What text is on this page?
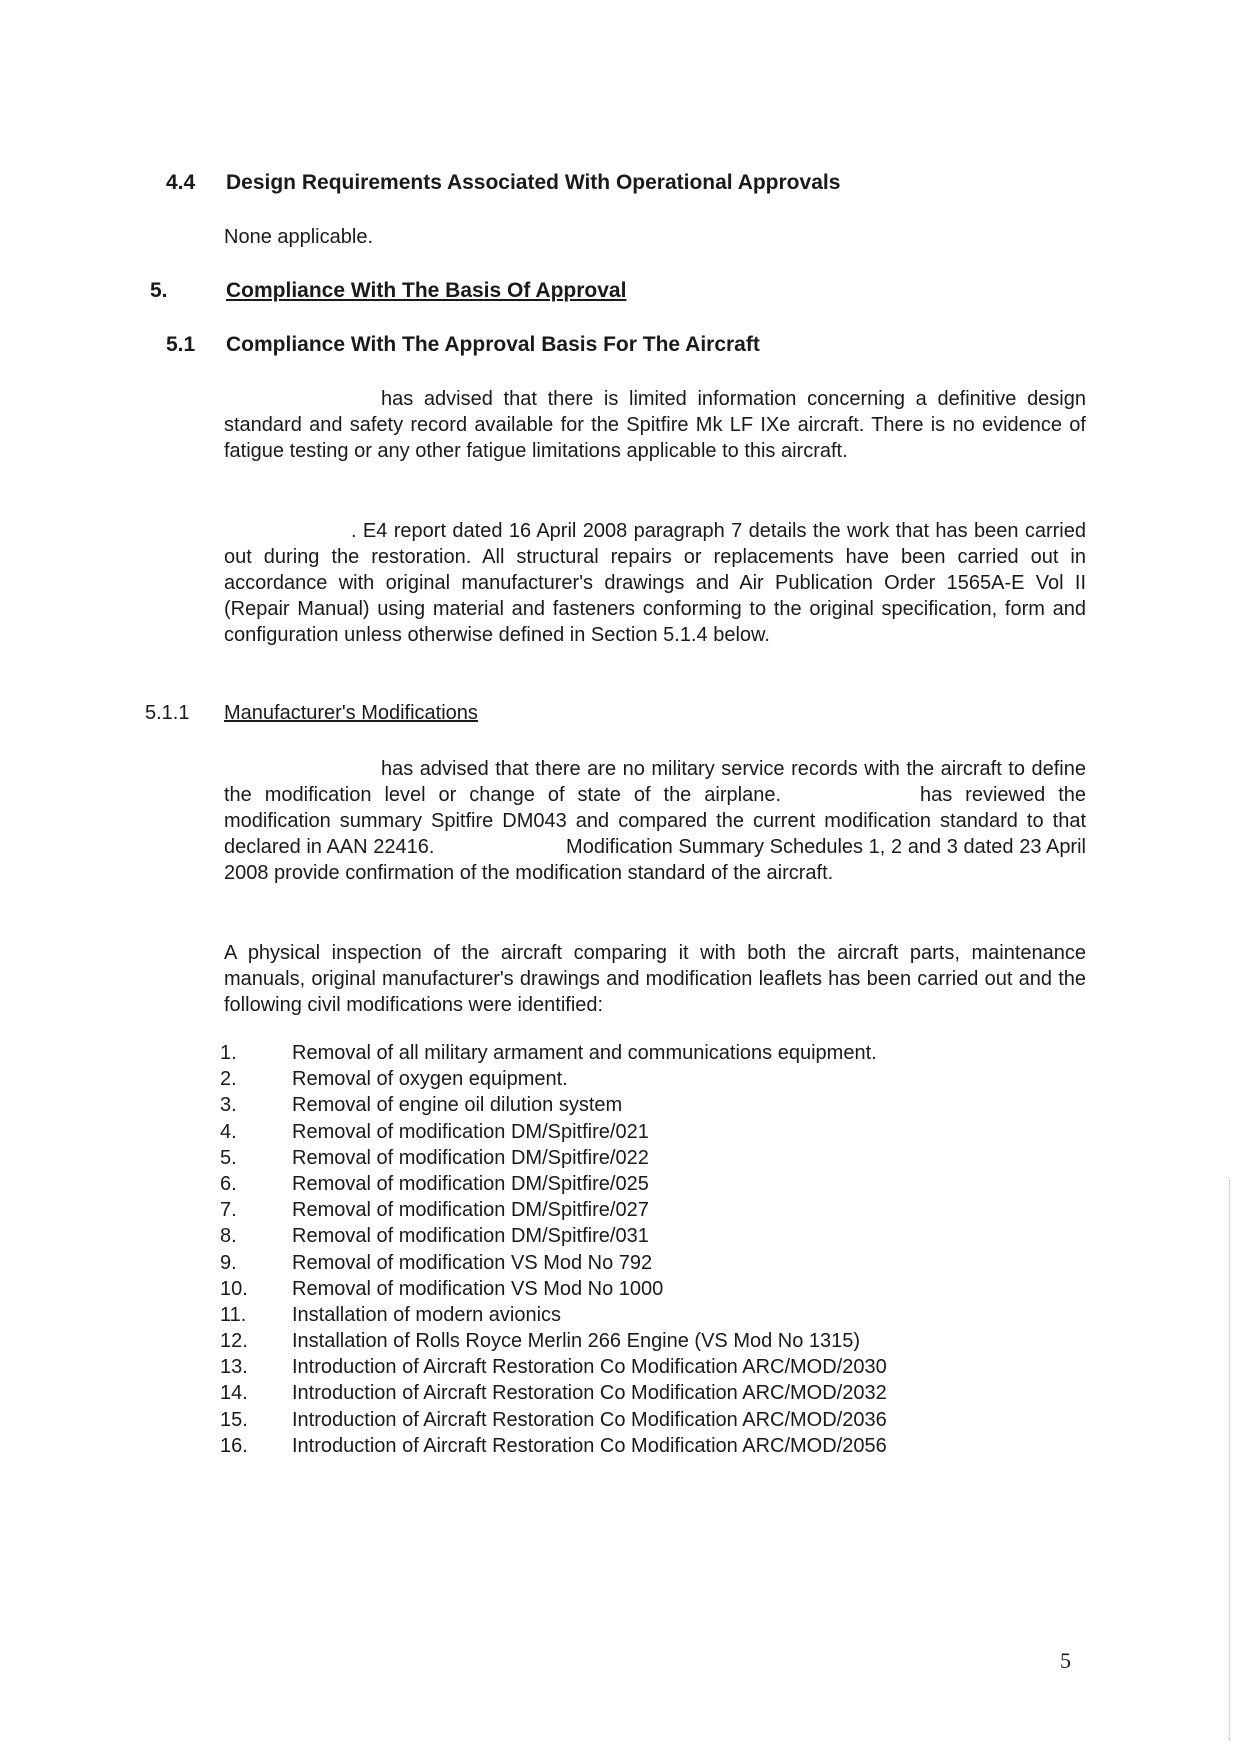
4.4 Design Requirements Associated With Operational Approvals
None applicable.
5.	Compliance With The Basis Of Approval
5.1 Compliance With The Approval Basis For The Aircraft
has advised that there is limited information concerning a definitive design standard and safety record available for the Spitfire Mk LF IXe aircraft. There is no evidence of fatigue testing or any other fatigue limitations applicable to this aircraft.
. E4 report dated 16 April 2008 paragraph 7 details the work that has been carried out during the restoration. All structural repairs or replacements have been carried out in accordance with original manufacturer's drawings and Air Publication Order 1565A-E Vol II (Repair Manual) using material and fasteners conforming to the original specification, form and configuration unless otherwise defined in Section 5.1.4 below.
5.1.1 Manufacturer's Modifications
has advised that there are no military service records with the aircraft to define the modification level or change of state of the airplane.	has reviewed the modification summary Spitfire DM043 and compared the current modification standard to that declared in AAN 22416.	Modification Summary Schedules 1, 2 and 3 dated 23 April 2008 provide confirmation of the modification standard of the aircraft.
A physical inspection of the aircraft comparing it with both the aircraft parts, maintenance manuals, original manufacturer's drawings and modification leaflets has been carried out and the following civil modifications were identified:
1.	Removal of all military armament and communications equipment.
2.	Removal of oxygen equipment.
3.	Removal of engine oil dilution system
4.	Removal of modification DM/Spitfire/021
5.	Removal of modification DM/Spitfire/022
6.	Removal of modification DM/Spitfire/025
7.	Removal of modification DM/Spitfire/027
8.	Removal of modification DM/Spitfire/031
9.	Removal of modification VS Mod No 792
10. Removal of modification VS Mod No 1000
11. Installation of modern avionics
12. Installation of Rolls Royce Merlin 266 Engine (VS Mod No 1315)
13. Introduction of Aircraft Restoration Co Modification ARC/MOD/2030
14. Introduction of Aircraft Restoration Co Modification ARC/MOD/2032
15. Introduction of Aircraft Restoration Co Modification ARC/MOD/2036
16. Introduction of Aircraft Restoration Co Modification ARC/MOD/2056
5
